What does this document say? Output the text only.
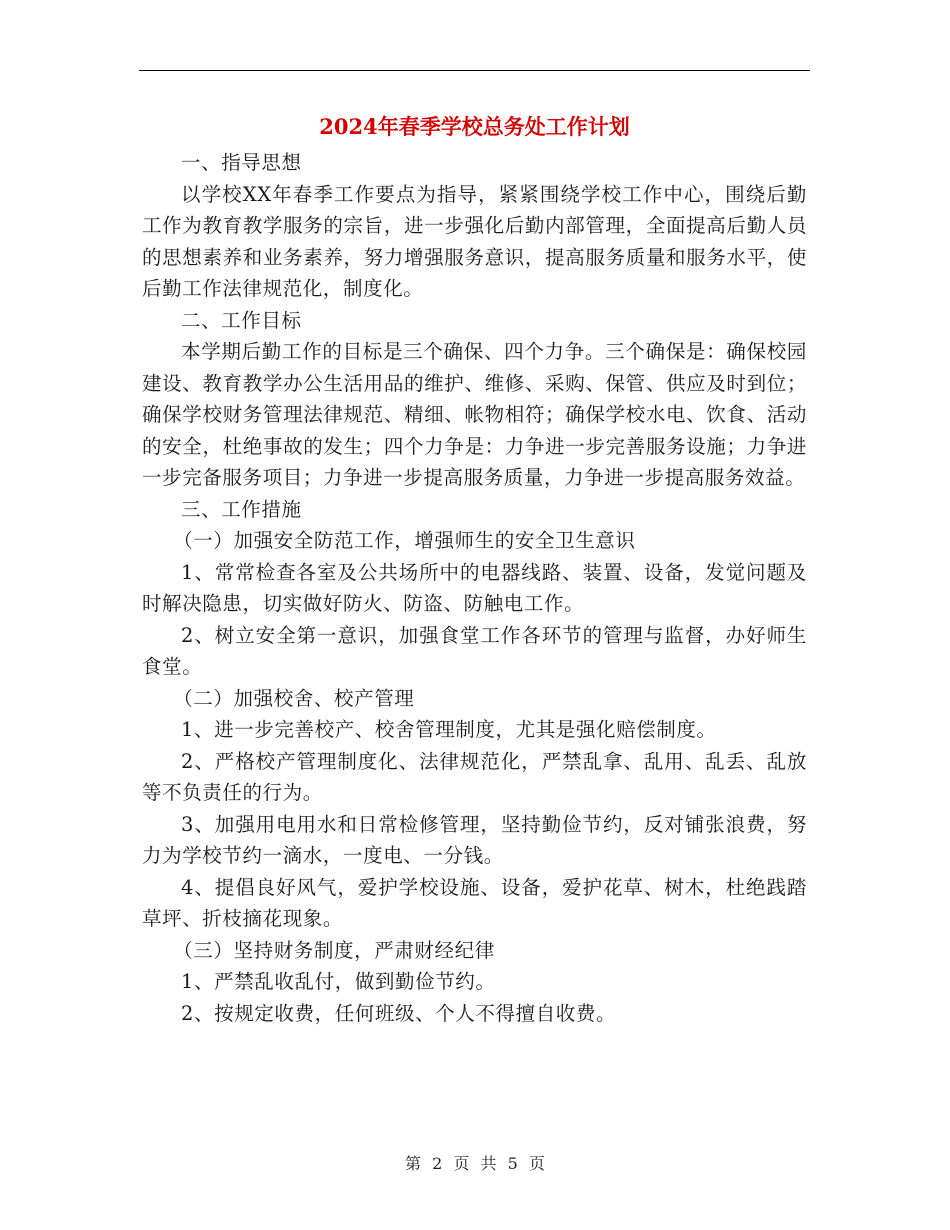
2024年春季学校总务处工作计划

一、指导思想

以学校XX年春季工作要点为指导，紧紧围绕学校工作中心，围绕后勤工作为教育教学服务的宗旨，进一步强化后勤内部管理，全面提高后勤人员的思想素养和业务素养，努力增强服务意识，提高服务质量和服务水平，使后勤工作法律规范化，制度化。

二、工作目标

本学期后勤工作的目标是三个确保、四个力争。三个确保是：确保校园建设、教育教学办公生活用品的维护、维修、采购、保管、供应及时到位；确保学校财务管理法律规范、精细、帐物相符；确保学校水电、饮食、活动的安全，杜绝事故的发生；四个力争是：力争进一步完善服务设施；力争进一步完备服务项目；力争进一步提高服务质量，力争进一步提高服务效益。

三、工作措施

（一）加强安全防范工作，增强师生的安全卫生意识

1、常常检查各室及公共场所中的电器线路、装置、设备，发觉问题及时解决隐患，切实做好防火、防盗、防触电工作。

2、树立安全第一意识，加强食堂工作各环节的管理与监督，办好师生食堂。

（二）加强校舍、校产管理

1、进一步完善校产、校舍管理制度，尤其是强化赔偿制度。

2、严格校产管理制度化、法律规范化，严禁乱拿、乱用、乱丢、乱放等不负责任的行为。

3、加强用电用水和日常检修管理，坚持勤俭节约，反对铺张浪费，努力为学校节约一滴水，一度电、一分钱。

4、提倡良好风气，爱护学校设施、设备，爱护花草、树木，杜绝践踏草坪、折枝摘花现象。

（三）坚持财务制度，严肃财经纪律

1、严禁乱收乱付，做到勤俭节约。

2、按规定收费，任何班级、个人不得擅自收费。

第 2 页 共 5 页
